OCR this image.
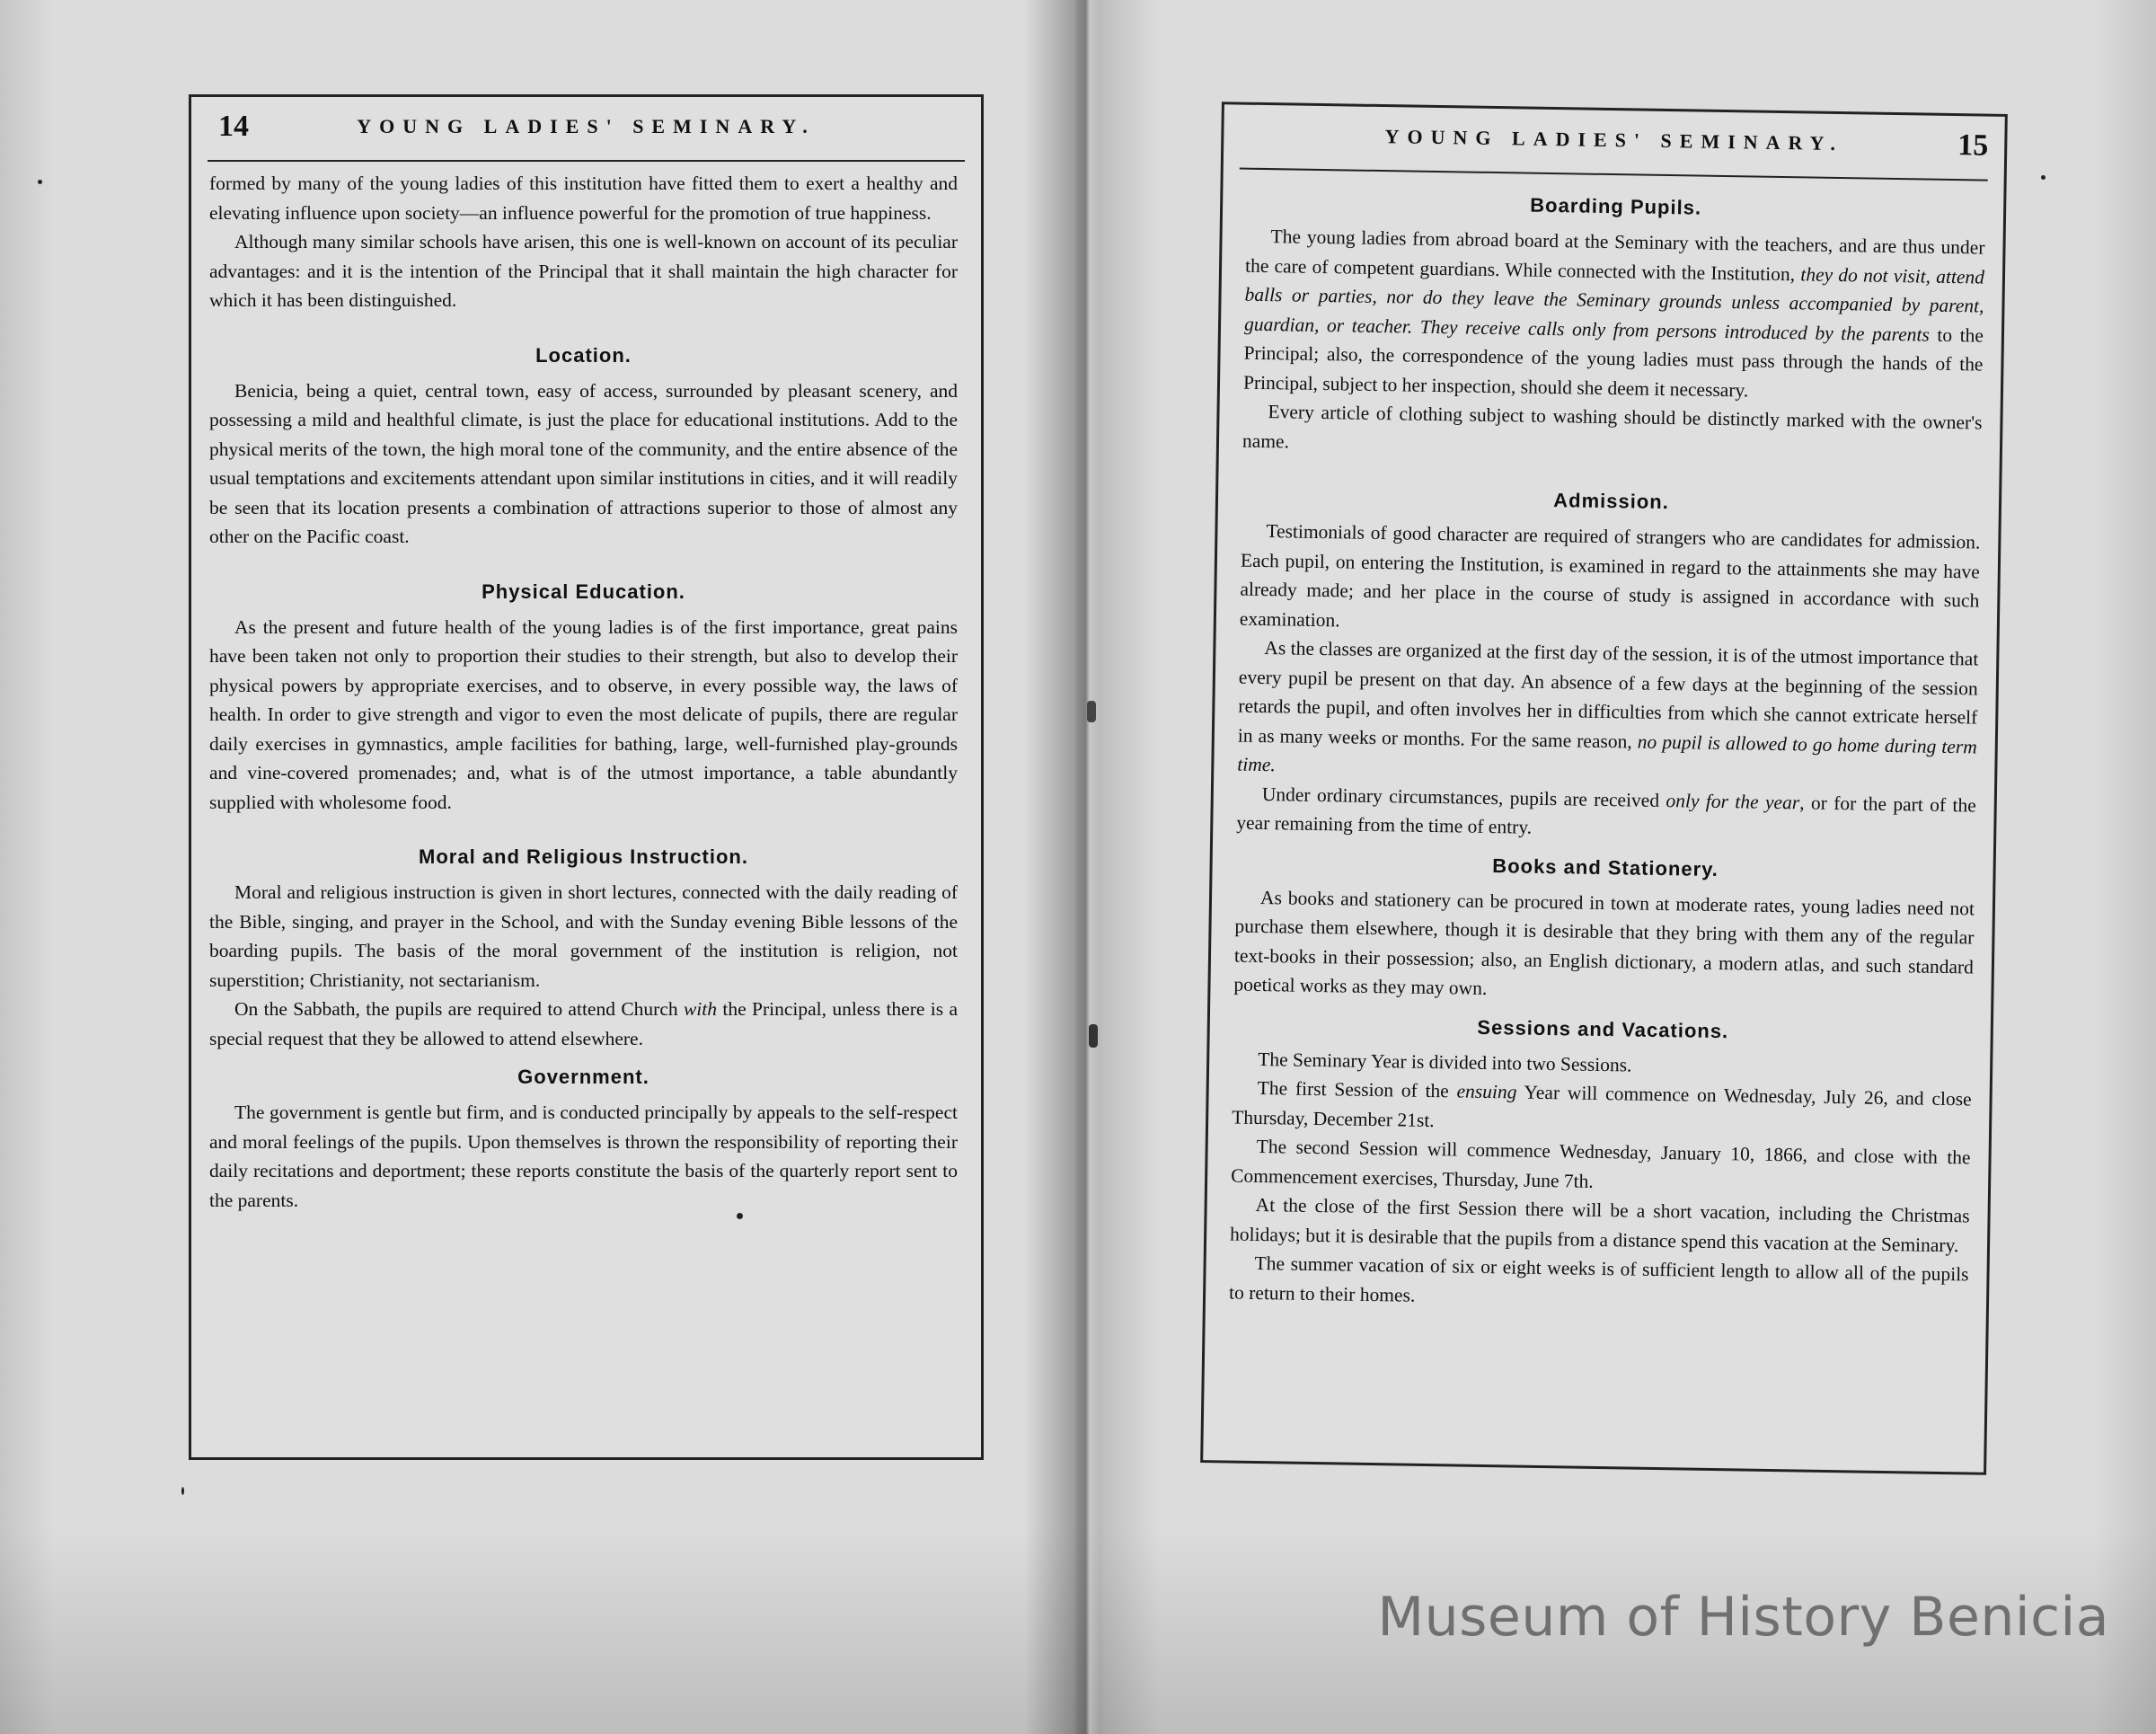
14	YOUNG LADIES' SEMINARY.

formed by many of the young ladies of this institution have fitted them to exert a healthy and elevating influence upon society—an influence powerful for the promotion of true happiness.

Although many similar schools have arisen, this one is well-known on account of its peculiar advantages: and it is the intention of the Principal that it shall maintain the high character for which it has been distinguished.

Location.

Benicia, being a quiet, central town, easy of access, surrounded by pleasant scenery, and possessing a mild and healthful climate, is just the place for educational institutions. Add to the physical merits of the town, the high moral tone of the community, and the entire absence of the usual temptations and excitements attendant upon similar institutions in cities, and it will readily be seen that its location presents a combination of attractions superior to those of almost any other on the Pacific coast.

Physical Education.

As the present and future health of the young ladies is of the first importance, great pains have been taken not only to proportion their studies to their strength, but also to develop their physical powers by appropriate exercises, and to observe, in every possible way, the laws of health. In order to give strength and vigor to even the most delicate of pupils, there are regular daily exercises in gymnastics, ample facilities for bathing, large, well-furnished play-grounds and vine-covered promenades; and, what is of the utmost importance, a table abundantly supplied with wholesome food.

Moral and Religious Instruction.

Moral and religious instruction is given in short lectures, connected with the daily reading of the Bible, singing, and prayer in the School, and with the Sunday evening Bible lessons of the boarding pupils. The basis of the moral government of the institution is religion, not superstition; Christianity, not sectarianism.

On the Sabbath, the pupils are required to attend Church with the Principal, unless there is a special request that they be allowed to attend elsewhere.

Government.

The government is gentle but firm, and is conducted principally by appeals to the self-respect and moral feelings of the pupils. Upon themselves is thrown the responsibility of reporting their daily recitations and deportment; these reports constitute the basis of the quarterly report sent to the parents.

YOUNG LADIES' SEMINARY.	15
Boarding Pupils.

The young ladies from abroad board at the Seminary with the teachers, and are thus under the care of competent guardians. While connected with the Institution, they do not visit, attend balls or parties, nor do they leave the Seminary grounds unless accompanied by parent, guardian, or teacher. They receive calls only from persons introduced by the parents to the Principal; also, the correspondence of the young ladies must pass through the hands of the Principal, subject to her inspection, should she deem it necessary.

Every article of clothing subject to washing should be distinctly marked with the owner's name.

Admission.

Testimonials of good character are required of strangers who are candidates for admission. Each pupil, on entering the Institution, is examined in regard to the attainments she may have already made; and her place in the course of study is assigned in accordance with such examination.

As the classes are organized at the first day of the session, it is of the utmost importance that every pupil be present on that day. An absence of a few days at the beginning of the session retards the pupil, and often involves her in difficulties from which she cannot extricate herself in as many weeks or months. For the same reason, no pupil is allowed to go home during term time.

Under ordinary circumstances, pupils are received only for the year, or for the part of the year remaining from the time of entry.

Books and Stationery.

As books and stationery can be procured in town at moderate rates, young ladies need not purchase them elsewhere, though it is desirable that they bring with them any of the regular text-books in their possession; also, an English dictionary, a modern atlas, and such standard poetical works as they may own.

Sessions and Vacations.

The Seminary Year is divided into two Sessions.

The first Session of the ensuing Year will commence on Wednesday, July 26, and close Thursday, December 21st.

The second Session will commence Wednesday, January 10, 1866, and close with the Commencement exercises, Thursday, June 7th.

At the close of the first Session there will be a short vacation, including the Christmas holidays; but it is desirable that the pupils from a distance spend this vacation at the Seminary.

The summer vacation of six or eight weeks is of sufficient length to allow all of the pupils to return to their homes.

Museum of History Benicia
